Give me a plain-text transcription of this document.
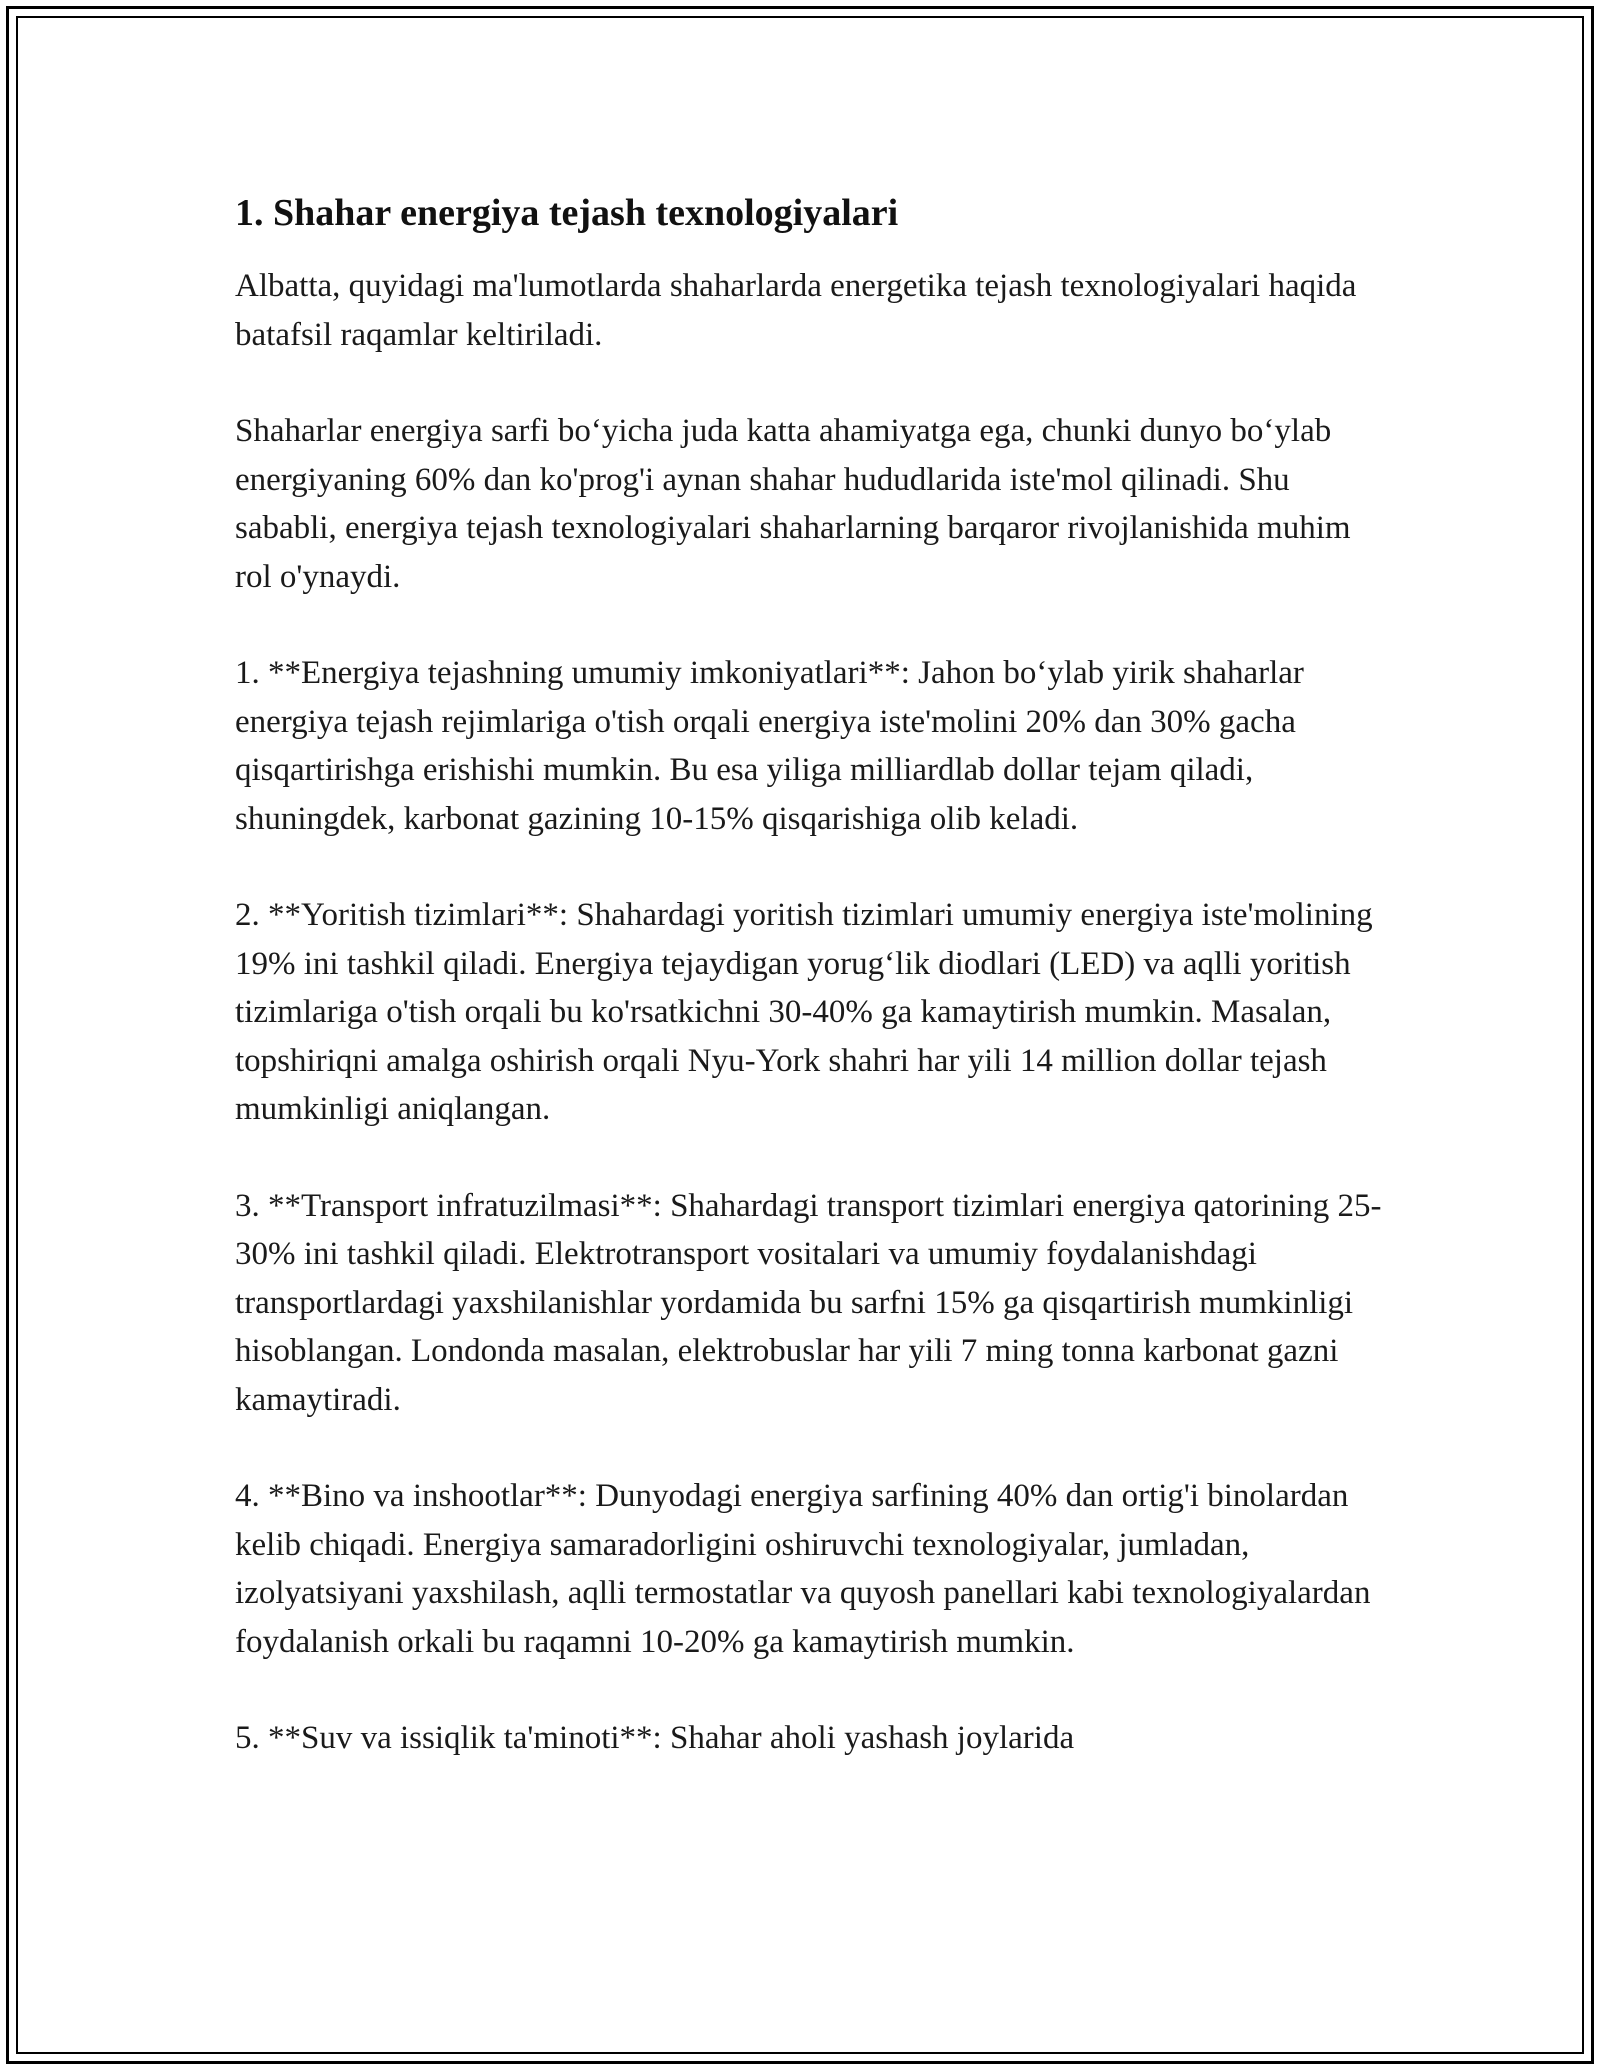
1. Shahar energiya tejash texnologiyalari

Albatta, quyidagi ma'lumotlarda shaharlarda energetika tejash texnologiyalari haqida batafsil raqamlar keltiriladi.

Shaharlar energiya sarfi bo‘yicha juda katta ahamiyatga ega, chunki dunyo bo‘ylab energiyaning 60% dan ko'prog'i aynan shahar hududlarida iste'mol qilinadi. Shu sababli, energiya tejash texnologiyalari shaharlarning barqaror rivojlanishida muhim rol o'ynaydi.

1. **Energiya tejashning umumiy imkoniyatlari**: Jahon bo‘ylab yirik shaharlar energiya tejash rejimlariga o'tish orqali energiya iste'molini 20% dan 30% gacha qisqartirishga erishishi mumkin. Bu esa yiliga milliardlab dollar tejam qiladi, shuningdek, karbonat gazining 10-15% qisqarishiga olib keladi.

2. **Yoritish tizimlari**: Shahardagi yoritish tizimlari umumiy energiya iste'molining 19% ini tashkil qiladi. Energiya tejaydigan yorug‘lik diodlari (LED) va aqlli yoritish tizimlariga o'tish orqali bu ko'rsatkichni 30-40% ga kamaytirish mumkin. Masalan, topshiriqni amalga oshirish orqali Nyu-York shahri har yili 14 million dollar tejash mumkinligi aniqlangan.

3. **Transport infratuzilmasi**: Shahardagi transport tizimlari energiya qatorining 25-30% ini tashkil qiladi. Elektrotransport vositalari va umumiy foydalanishdagi transportlardagi yaxshilanishlar yordamida bu sarfni 15% ga qisqartirish mumkinligi hisoblangan. Londonda masalan, elektrobuslar har yili 7 ming tonna karbonat gazni kamaytiradi.

4. **Bino va inshootlar**: Dunyodagi energiya sarfining 40% dan ortig'i binolardan kelib chiqadi. Energiya samaradorligini oshiruvchi texnologiyalar, jumladan, izolyatsiyani yaxshilash, aqlli termostatlar va quyosh panellari kabi texnologiyalardan foydalanish orkali bu raqamni 10-20% ga kamaytirish mumkin.

5. **Suv va issiqlik ta'minoti**: Shahar aholi yashash joylarida
